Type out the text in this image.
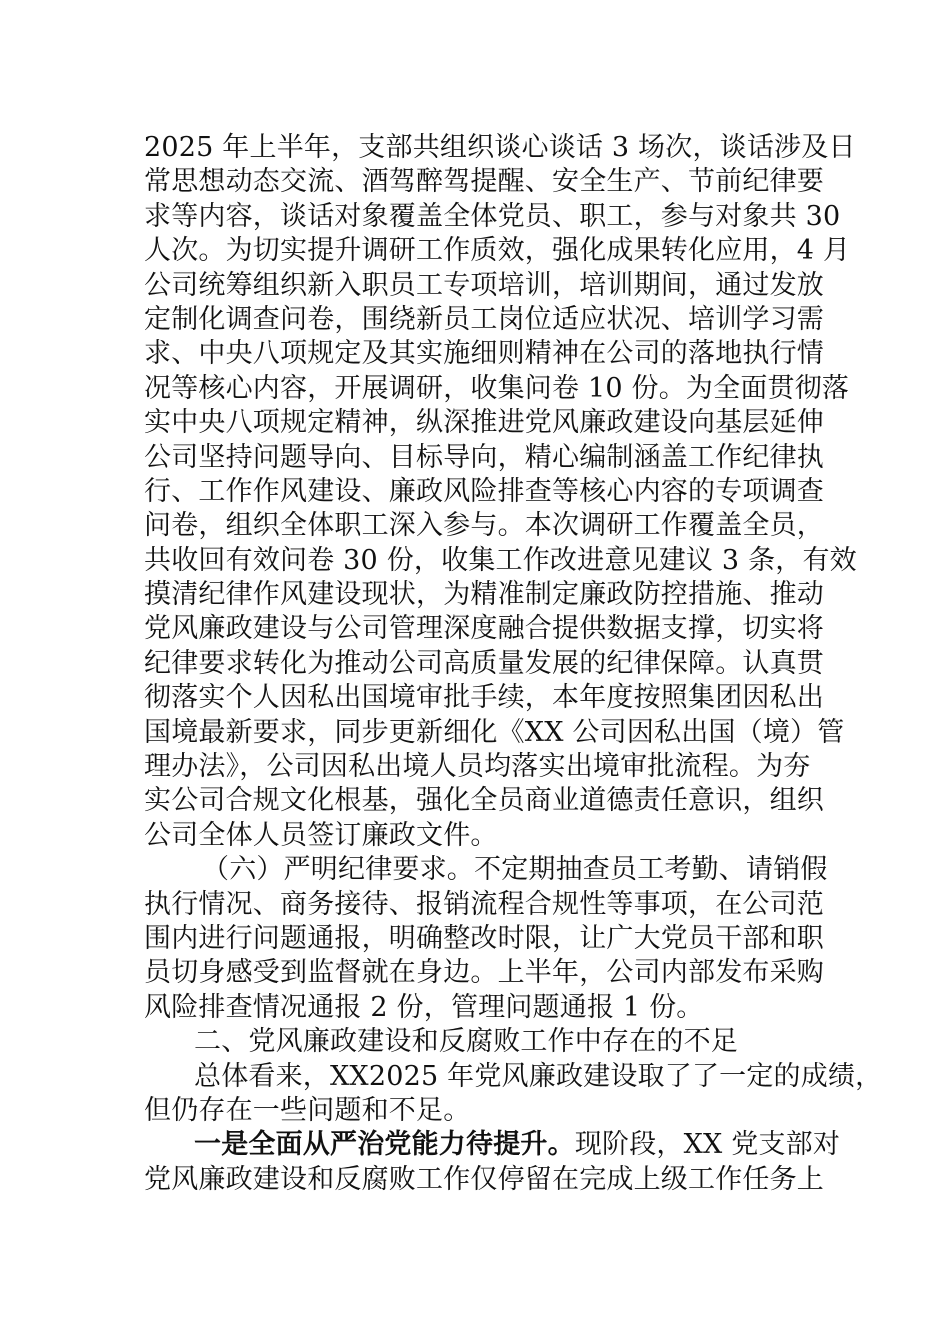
2025 年上半年，支部共组织谈心谈话 3 场次，谈话涉及日
常思想动态交流、酒驾醉驾提醒、安全生产、节前纪律要
求等内容，谈话对象覆盖全体党员、职工，参与对象共 30
人次。为切实提升调研工作质效，强化成果转化应用，4 月
公司统筹组织新入职员工专项培训，培训期间，通过发放
定制化调查问卷，围绕新员工岗位适应状况、培训学习需
求、中央八项规定及其实施细则精神在公司的落地执行情
况等核心内容，开展调研，收集问卷 10 份。为全面贯彻落
实中央八项规定精神，纵深推进党风廉政建设向基层延伸
公司坚持问题导向、目标导向，精心编制涵盖工作纪律执
行、工作作风建设、廉政风险排查等核心内容的专项调查
问卷，组织全体职工深入参与。本次调研工作覆盖全员，
共收回有效问卷 30 份，收集工作改进意见建议 3 条，有效
摸清纪律作风建设现状，为精准制定廉政防控措施、推动
党风廉政建设与公司管理深度融合提供数据支撑，切实将
纪律要求转化为推动公司高质量发展的纪律保障。认真贯
彻落实个人因私出国境审批手续，本年度按照集团因私出
国境最新要求，同步更新细化《XX 公司因私出国（境）管
理办法》，公司因私出境人员均落实出境审批流程。为夯
实公司合规文化根基，强化全员商业道德责任意识，组织
公司全体人员签订廉政文件。
（六）严明纪律要求。不定期抽查员工考勤、请销假
执行情况、商务接待、报销流程合规性等事项，在公司范
围内进行问题通报，明确整改时限，让广大党员干部和职
员切身感受到监督就在身边。上半年，公司内部发布采购
风险排查情况通报 2 份，管理问题通报 1 份。
二、党风廉政建设和反腐败工作中存在的不足
总体看来，XX2025 年党风廉政建设取了了一定的成绩，
但仍存在一些问题和不足。
一是全面从严治党能力待提升。现阶段，XX 党支部对
党风廉政建设和反腐败工作仅停留在完成上级工作任务上
